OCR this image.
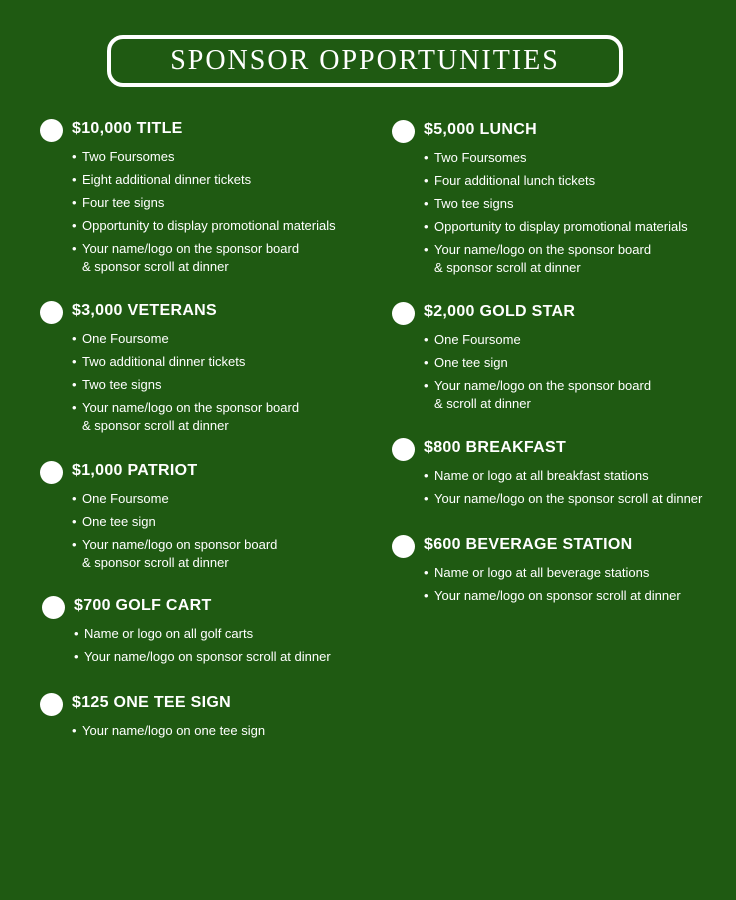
SPONSOR OPPORTUNITIES
$10,000 TITLE
• Two Foursomes
• Eight additional dinner tickets
• Four tee signs
• Opportunity to display promotional materials
• Your name/logo on the sponsor board
& sponsor scroll at dinner
$3,000 VETERANS
• One Foursome
• Two additional dinner tickets
• Two tee signs
• Your name/logo on the sponsor board
& sponsor scroll at dinner
$1,000 PATRIOT
• One Foursome
• One tee sign
• Your name/logo on sponsor board
& sponsor scroll at dinner
$700 GOLF CART
• Name or logo on all golf carts
• Your name/logo on sponsor scroll at dinner
$125 ONE TEE SIGN
• Your name/logo on one tee sign
$5,000 LUNCH
• Two Foursomes
• Four additional lunch tickets
• Two tee signs
• Opportunity to display promotional materials
• Your name/logo on the sponsor board
& sponsor scroll at dinner
$2,000 GOLD STAR
• One Foursome
• One tee sign
• Your name/logo on the sponsor board
& scroll at dinner
$800 BREAKFAST
• Name or logo at all breakfast stations
• Your name/logo on the sponsor scroll at dinner
$600 BEVERAGE STATION
• Name or logo at all beverage stations
• Your name/logo on sponsor scroll at dinner
